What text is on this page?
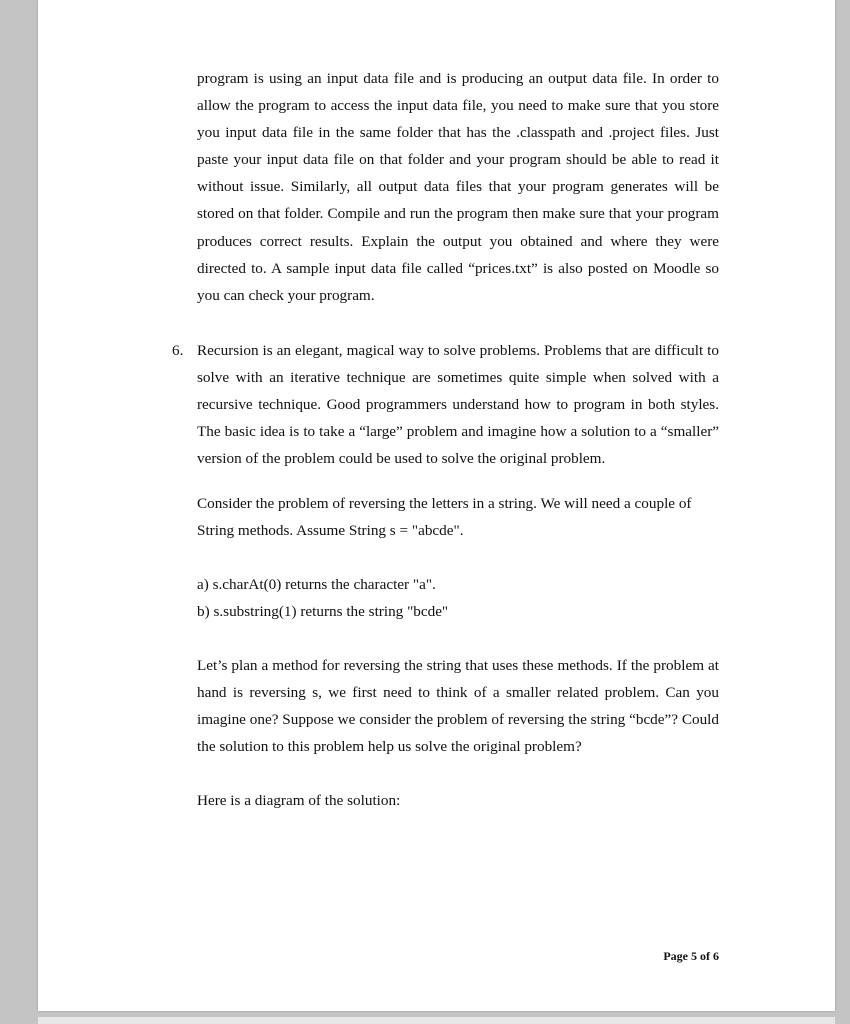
program is using an input data file and is producing an output data file. In order to allow the program to access the input data file, you need to make sure that you store you input data file in the same folder that has the .classpath and .project files. Just paste your input data file on that folder and your program should be able to read it without issue. Similarly, all output data files that your program generates will be stored on that folder. Compile and run the program then make sure that your program produces correct results. Explain the output you obtained and where they were directed to. A sample input data file called “prices.txt” is also posted on Moodle so you can check your program.

6. Recursion is an elegant, magical way to solve problems. Problems that are difficult to solve with an iterative technique are sometimes quite simple when solved with a recursive technique. Good programmers understand how to program in both styles. The basic idea is to take a “large” problem and imagine how a solution to a “smaller” version of the problem could be used to solve the original problem.

Consider the problem of reversing the letters in a string. We will need a couple of String methods. Assume String s = "abcde".

a) s.charAt(0) returns the character "a".

b) s.substring(1) returns the string "bcde"

Let’s plan a method for reversing the string that uses these methods. If the problem at hand is reversing s, we first need to think of a smaller related problem. Can you imagine one? Suppose we consider the problem of reversing the string “bcde”? Could the solution to this problem help us solve the original problem?

Here is a diagram of the solution:

Page 5 of 6
